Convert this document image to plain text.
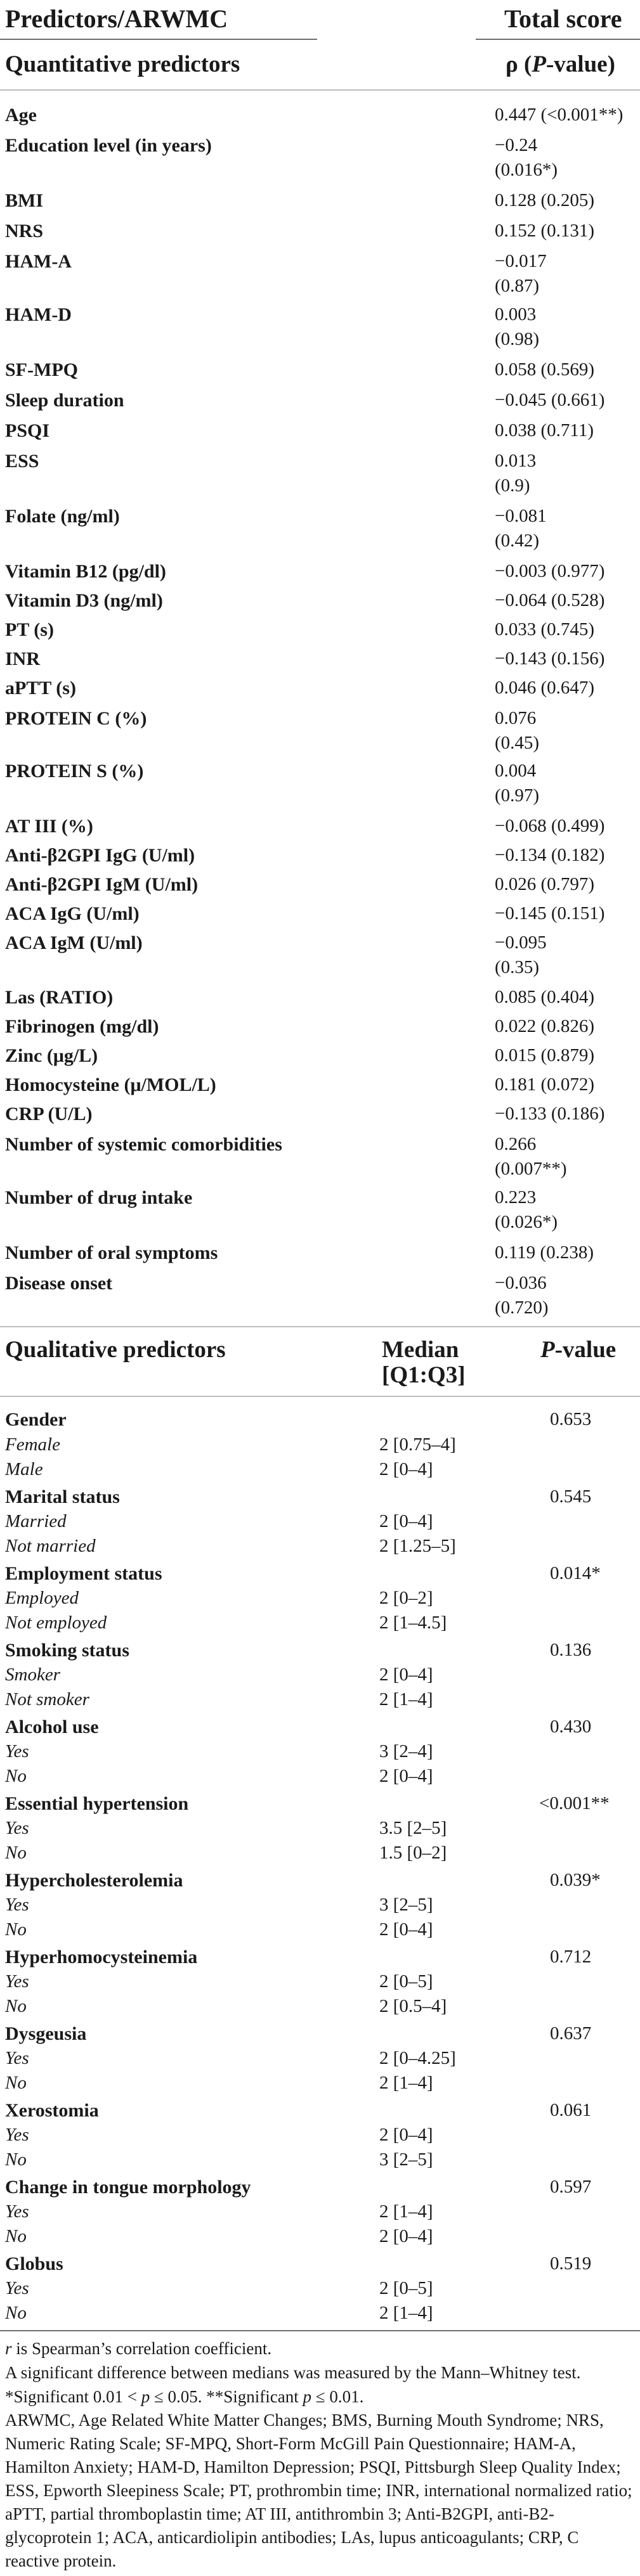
Predictors/ARWMC	Total score
Quantitative predictors	ρ (P-value)
Age	0.447 (<0.001**)
Education level (in years)	−0.24
(0.016*)
BMI	0.128 (0.205)
NRS	0.152 (0.131)
HAM-A	−0.017
(0.87)
HAM-D	0.003
(0.98)
SF-MPQ	0.058 (0.569)
Sleep duration	−0.045 (0.661)
PSQI	0.038 (0.711)
ESS	0.013
(0.9)
Folate (ng/ml)	−0.081
(0.42)
Vitamin B12 (pg/dl)	−0.003 (0.977)
Vitamin D3 (ng/ml)	−0.064 (0.528)
PT (s)	0.033 (0.745)
INR	−0.143 (0.156)
aPTT (s)	0.046 (0.647)
PROTEIN C (%)	0.076
(0.45)
PROTEIN S (%)	0.004
(0.97)
AT III (%)	−0.068 (0.499)
Anti-β2GPI IgG (U/ml)	−0.134 (0.182)
Anti-β2GPI IgM (U/ml)	0.026 (0.797)
ACA IgG (U/ml)	−0.145 (0.151)
ACA IgM (U/ml)	−0.095
(0.35)
Las (RATIO)	0.085 (0.404)
Fibrinogen (mg/dl)	0.022 (0.826)
Zinc (μg/L)	0.015 (0.879)
Homocysteine (μ/MOL/L)	0.181 (0.072)
CRP (U/L)	−0.133 (0.186)
Number of systemic comorbidities	0.266
(0.007**)
Number of drug intake	0.223
(0.026*)
Number of oral symptoms	0.119 (0.238)
Disease onset	−0.036
(0.720)
Qualitative predictors	Median
[Q1:Q3]
P-value
Gender	0.653
Female	2 [0.75–4]
Male	2 [0–4]
Marital status	0.545
Married	2 [0–4]
Not married	2 [1.25–5]
Employment status	0.014*
Employed	2 [0–2]
Not employed	2 [1–4.5]
Smoking status	0.136
Smoker	2 [0–4]
Not smoker	2 [1–4]
Alcohol use	0.430
Yes	3 [2–4]
No	2 [0–4]
Essential hypertension	<0.001**
Yes	3.5 [2–5]
No	1.5 [0–2]
Hypercholesterolemia	0.039*
Yes	3 [2–5]
No	2 [0–4]
Hyperhomocysteinemia	0.712
Yes	2 [0–5]
No	2 [0.5–4]
Dysgeusia	0.637
Yes	2 [0–4.25]
No	2 [1–4]
Xerostomia	0.061
Yes	2 [0–4]
No	3 [2–5]
Change in tongue morphology	0.597
Yes	2 [1–4]
No	2 [0–4]
Globus	0.519
Yes	2 [0–5]
No	2 [1–4]
r is Spearman’s correlation coefficient.
A significant difference between medians was measured by the Mann–Whitney test.
*Significant 0.01 < p ≤ 0.05. **Significant p ≤ 0.01.
ARWMC, Age Related White Matter Changes; BMS, Burning Mouth Syndrome; NRS, Numeric Rating Scale; SF-MPQ, Short-Form McGill Pain Questionnaire; HAM-A, Hamilton Anxiety; HAM-D, Hamilton Depression; PSQI, Pittsburgh Sleep Quality Index; ESS, Epworth Sleepiness Scale; PT, prothrombin time; INR, international normalized ratio; aPTT, partial thromboplastin time; AT III, antithrombin 3; Anti-B2GPI, anti-B2-glycoprotein 1; ACA, anticardiolipin antibodies; LAs, lupus anticoagulants; CRP, C reactive protein.
